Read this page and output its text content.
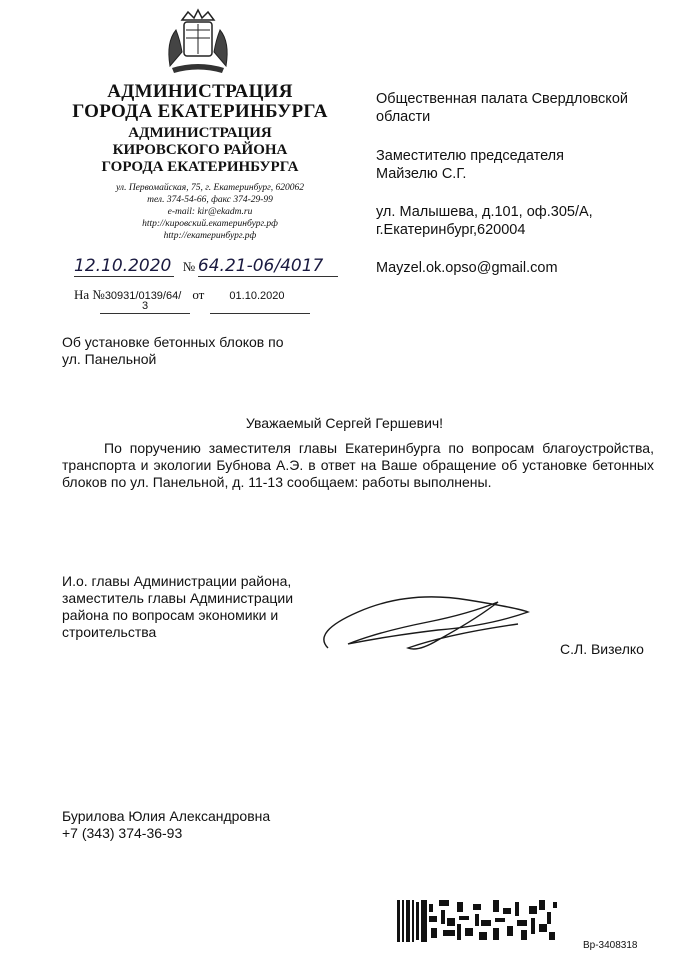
АДМИНИСТРАЦИЯ
ГОРОДА ЕКАТЕРИНБУРГА
АДМИНИСТРАЦИЯ
КИРОВСКОГО РАЙОНА
ГОРОДА ЕКАТЕРИНБУРГА
ул. Первомайская, 75, г. Екатеринбург, 620062
тел. 374-54-66, факс 374-29-99
e-mail: kir@ekadm.ru
http://кировский.екатеринбург.рф
http://екатеринбург.рф
12.10.2020 № 64.21-06/4017
На №30931/0139/64/ от 01.10.2020
3
Общественная палата Свердловской
области
Заместителю председателя
Майзелю С.Г.
ул. Малышева, д.101, оф.305/А,
г.Екатеринбург,620004
Mayzel.ok.opso@gmail.com
Об установке бетонных блоков по
ул. Панельной
Уважаемый Сергей Гершевич!
По поручению заместителя главы Екатеринбурга по вопросам благоустройства, транспорта и экологии Бубнова А.Э. в ответ на Ваше обращение об установке бетонных блоков по ул. Панельной, д. 11-13 сообщаем: работы выполнены.
И.о. главы Администрации района,
заместитель главы Администрации
района по вопросам экономики и
строительства
С.Л. Визелко
Бурилова Юлия Александровна
+7 (343) 374-36-93
Вр-3408318
